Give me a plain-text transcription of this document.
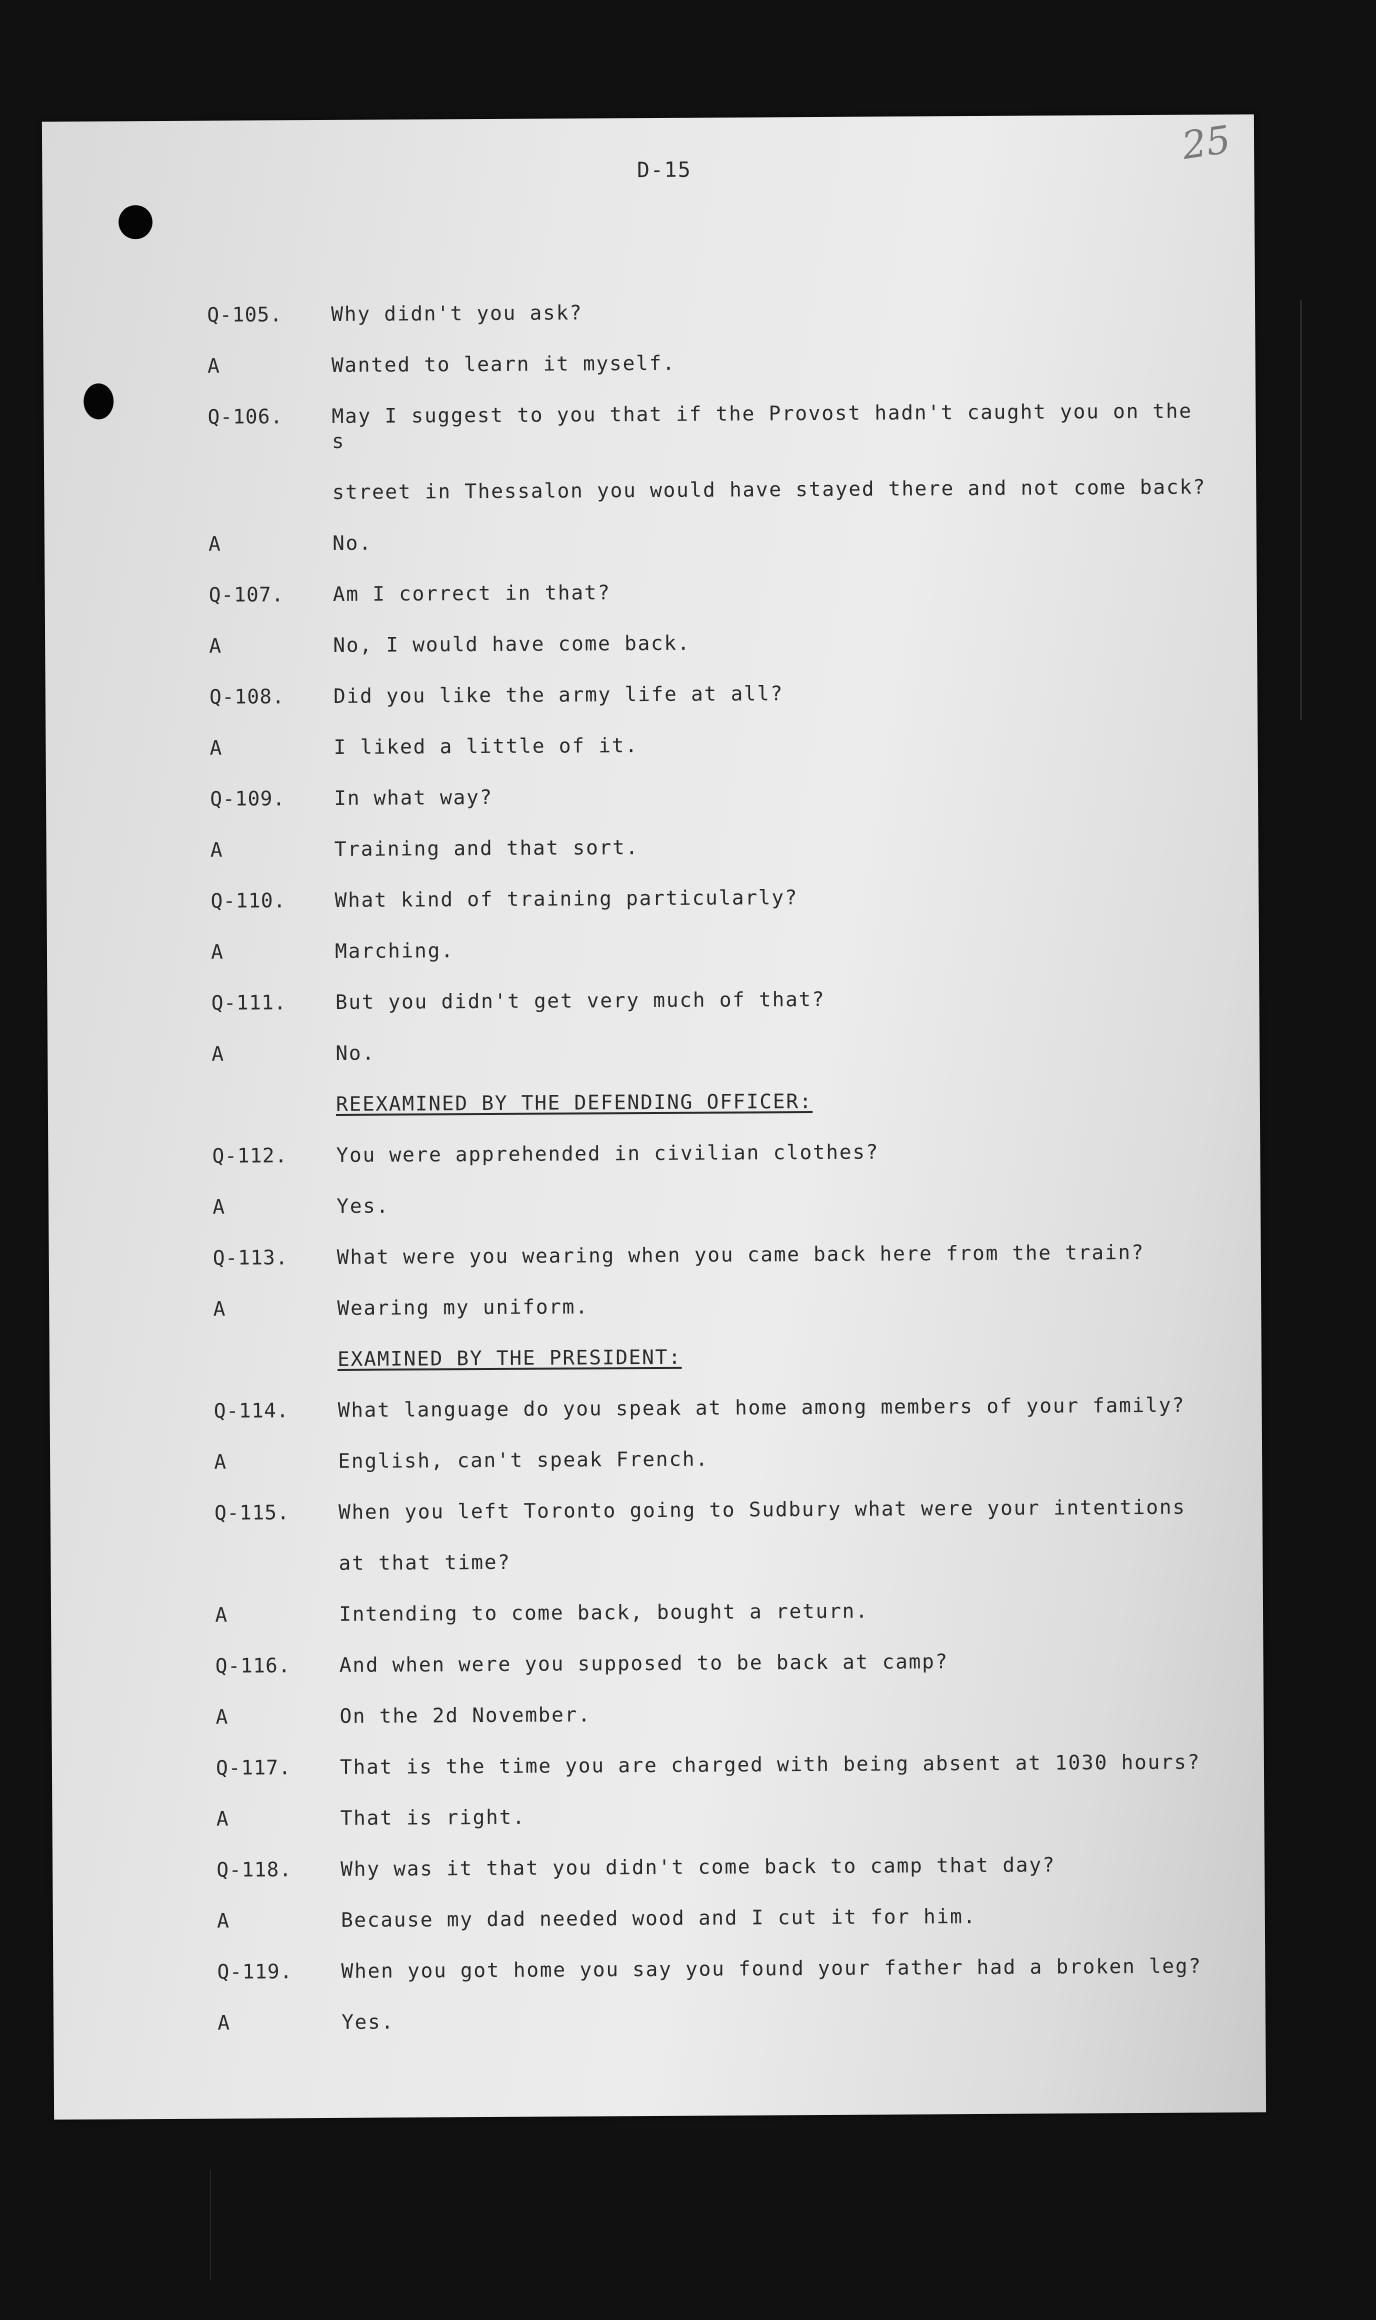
25
D-15
Q-105.	Why didn't you ask?

A	Wanted to learn it myself.

Q-106.	May I suggest to you that if the Provost hadn't caught you on the s

street in Thessalon you would have stayed there and not come back?

A	No.

Q-107.	Am I correct in that?

A	No, I would have come back.

Q-108.	Did you like the army life at all?

A	I liked a little of it.

Q-109.	In what way?

A	Training and that sort.

Q-110.	What kind of training particularly?

A	Marching.

Q-111.	But you didn't get very much of that?

A	No.

REEXAMINED BY THE DEFENDING OFFICER:
Q-112.	You were apprehended in civilian clothes?

A	Yes.

Q-113.	What were you wearing when you came back here from the train?

A	Wearing my uniform.

EXAMINED BY THE PRESIDENT:
Q-114.	What language do you speak at home among members of your family?

A	English, can't speak French.

Q-115.	When you left Toronto going to Sudbury what were your intentions

at that time?

A	Intending to come back, bought a return.

Q-116.	And when were you supposed to be back at camp?

A	On the 2d November.

Q-117.	That is the time you are charged with being absent at 1030 hours?

A	That is right.

Q-118.	Why was it that you didn't come back to camp that day?

A	Because my dad needed wood and I cut it for him.

Q-119.	When you got home you say you found your father had a broken leg?

A	Yes.
